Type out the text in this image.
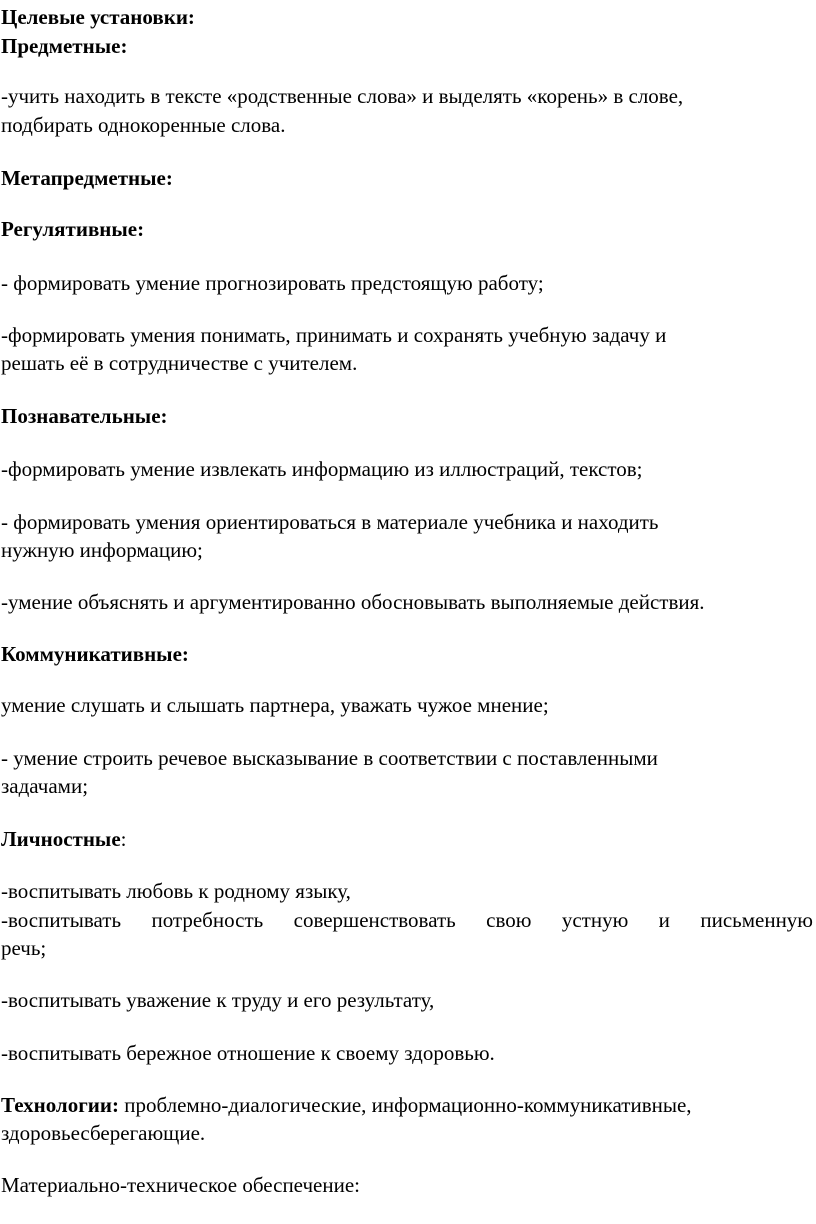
Целевые установки:
Предметные:
-учить находить в тексте «родственные слова» и выделять «корень» в слове,
подбирать однокоренные слова.
Метапредметные:
Регулятивные:
- формировать умение прогнозировать предстоящую работу;
-формировать умения понимать, принимать и сохранять учебную задачу и
решать её в сотрудничестве с учителем.
Познавательные:
-формировать умение извлекать информацию из иллюстраций, текстов;
- формировать умения ориентироваться в материале учебника и находить
нужную информацию;
-умение объяснять и аргументированно обосновывать выполняемые действия.
Коммуникативные:
умение слушать и слышать партнера, уважать чужое мнение;
- умение строить речевое высказывание в соответствии с поставленными
задачами;
Личностные:
-воспитывать любовь к родному языку,
-воспитывать потребность совершенствовать свою устную и письменную
речь;
-воспитывать уважение к труду и его результату,
-воспитывать бережное отношение к своему здоровью.
Технологии: проблемно-диалогические, информационно-коммуникативные,
здоровьесберегающие.
Материально-техническое обеспечение:
